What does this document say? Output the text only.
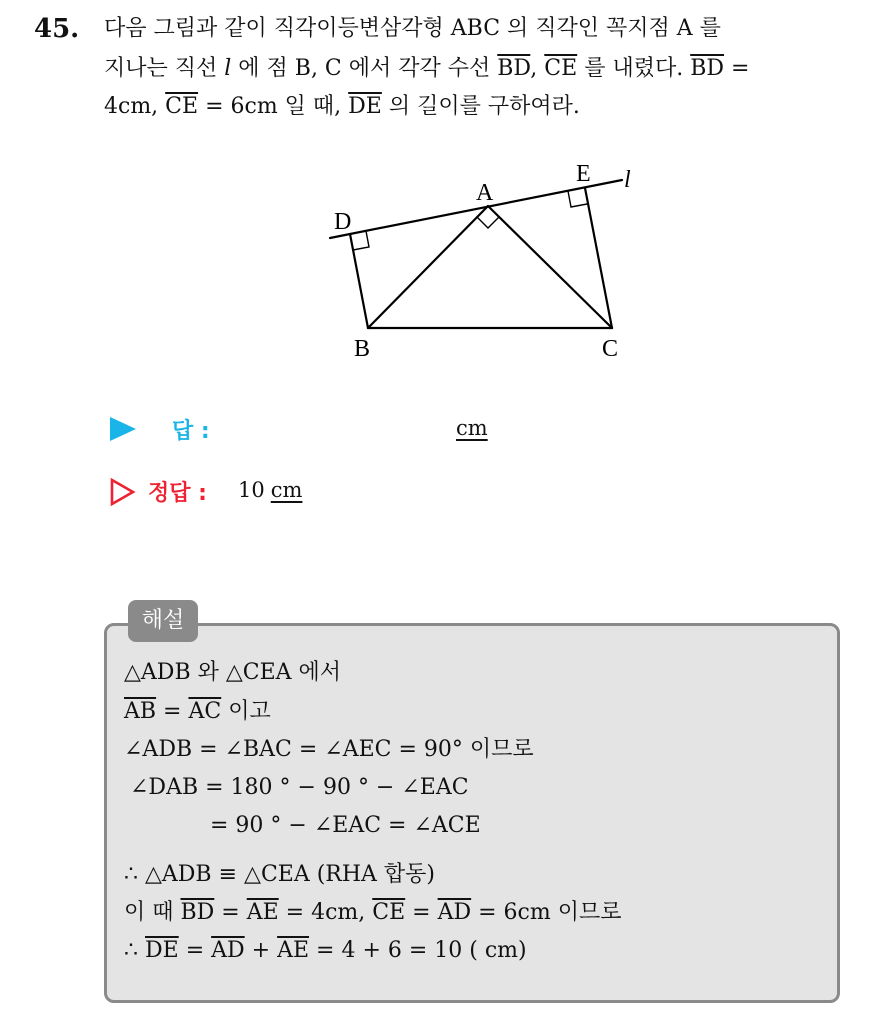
45. 다음 그림과 같이 직각이등변삼각형 ABC 의 직각인 꼭지점 A 를
지나는 직선 l 에 점 B, C 에서 각각 수선 $\overline{BD}$, $\overline{CE}$ 를 내렸다. $\overline{BD}$ =
4cm, $\overline{CE} = 6cm$ 일 때, $\overline{DE}$ 의 길이를 구하여라.
D
A
E l
B	C
답 :	cm
정답 : 10 cm
해설
△ADB 와 △CEA 에서
$\overline{AB} = \overline{AC}$ 이고
∠ADB = ∠BAC = ∠AEC = 90° 이므로
∠DAB = 180 ° − 90 ° − ∠EAC
= 90 ° − ∠EAC = ∠ACE
∴ △ADB ≡ △CEA (RHA 합동)
이 때 $\overline{BD} = \overline{AE} = 4cm$, $\overline{CE} = \overline{AD} = 6cm$ 이므로
∴ $\overline{DE} = \overline{AD} + \overline{AE} = 4 + 6 = 10$ ( cm)
